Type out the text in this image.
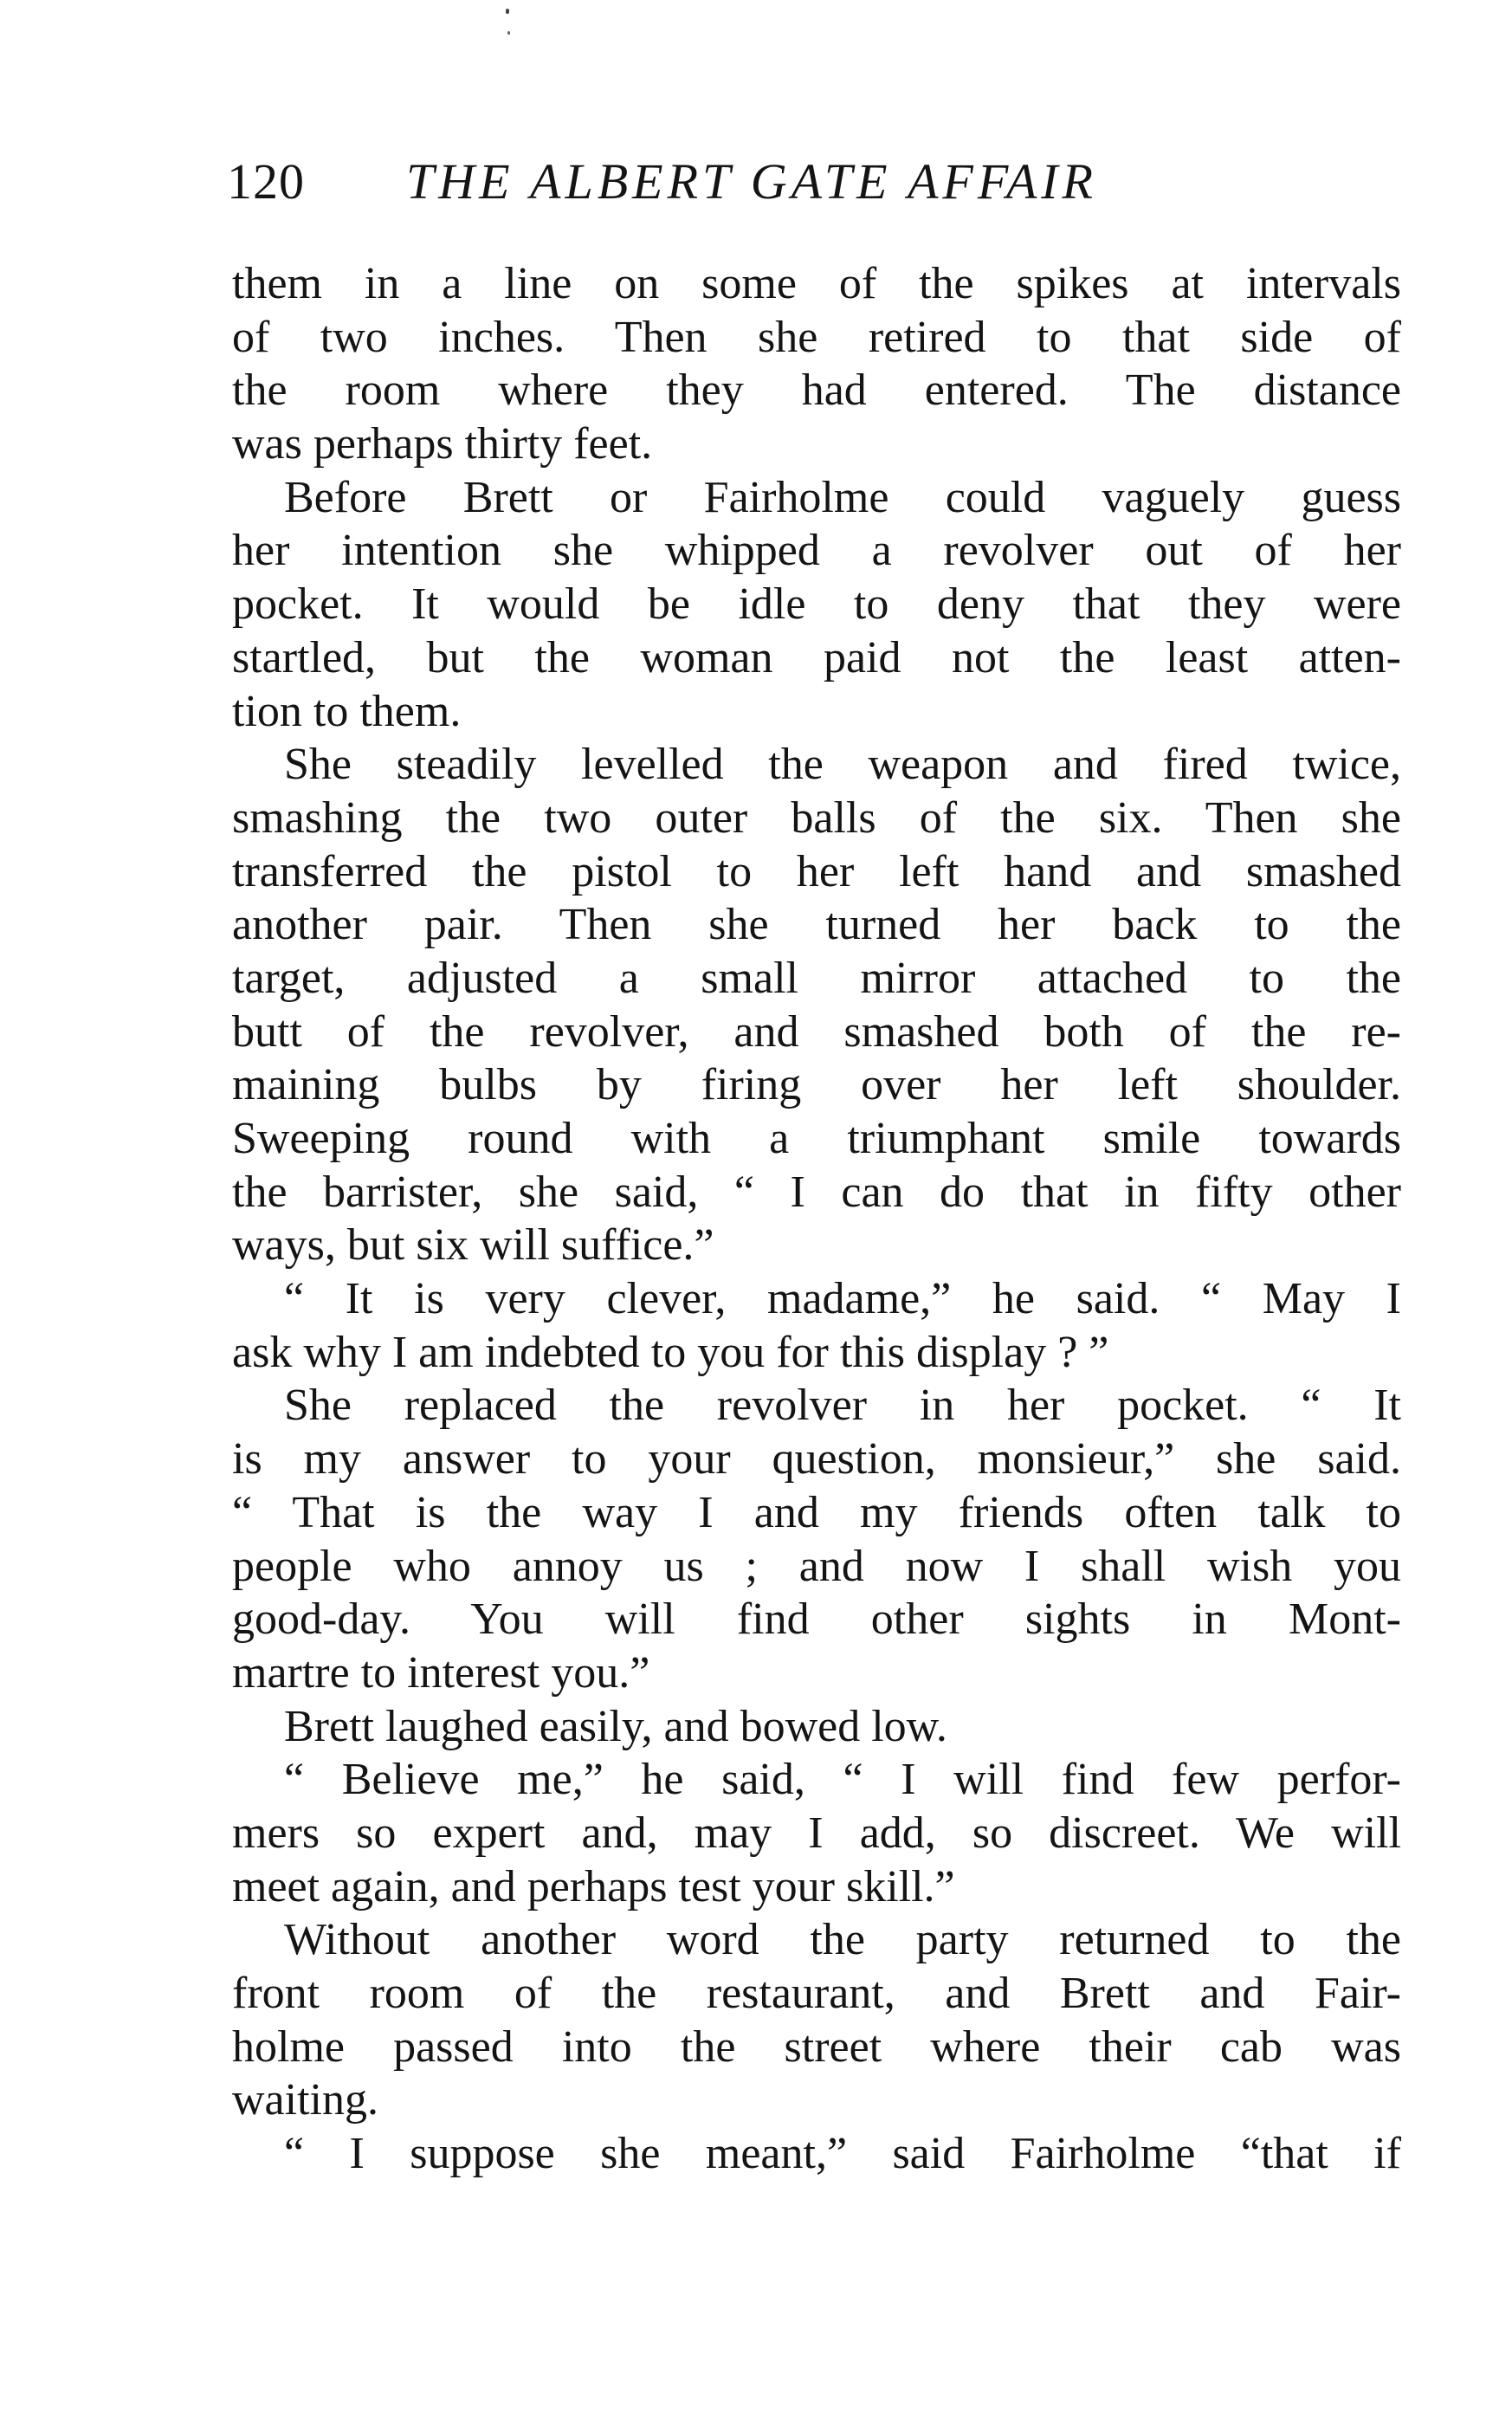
120 THE ALBERT GATE AFFAIR
them in a line on some of the spikes at intervals
of two inches. Then she retired to that side of
the room where they had entered. The distance
was perhaps thirty feet.
Before Brett or Fairholme could vaguely guess
her intention she whipped a revolver out of her
pocket. It would be idle to deny that they were
startled, but the woman paid not the least atten-
tion to them.
She steadily levelled the weapon and fired twice,
smashing the two outer balls of the six. Then she
transferred the pistol to her left hand and smashed
another pair. Then she turned her back to the
target, adjusted a small mirror attached to the
butt of the revolver, and smashed both of the re-
maining bulbs by firing over her left shoulder.
Sweeping round with a triumphant smile towards
the barrister, she said, “ I can do that in fifty other
ways, but six will suffice.”
“ It is very clever, madame,” he said. “ May I
ask why I am indebted to you for this display ? ”
She replaced the revolver in her pocket. “ It
is my answer to your question, monsieur,” she said.
“ That is the way I and my friends often talk to
people who annoy us ; and now I shall wish you
good-day. You will find other sights in Mont-
martre to interest you.”
Brett laughed easily, and bowed low.
“ Believe me,” he said, “ I will find few perfor-
mers so expert and, may I add, so discreet. We will
meet again, and perhaps test your skill.”
Without another word the party returned to the
front room of the restaurant, and Brett and Fair-
holme passed into the street where their cab was
waiting.
“ I suppose she meant,” said Fairholme “that if
